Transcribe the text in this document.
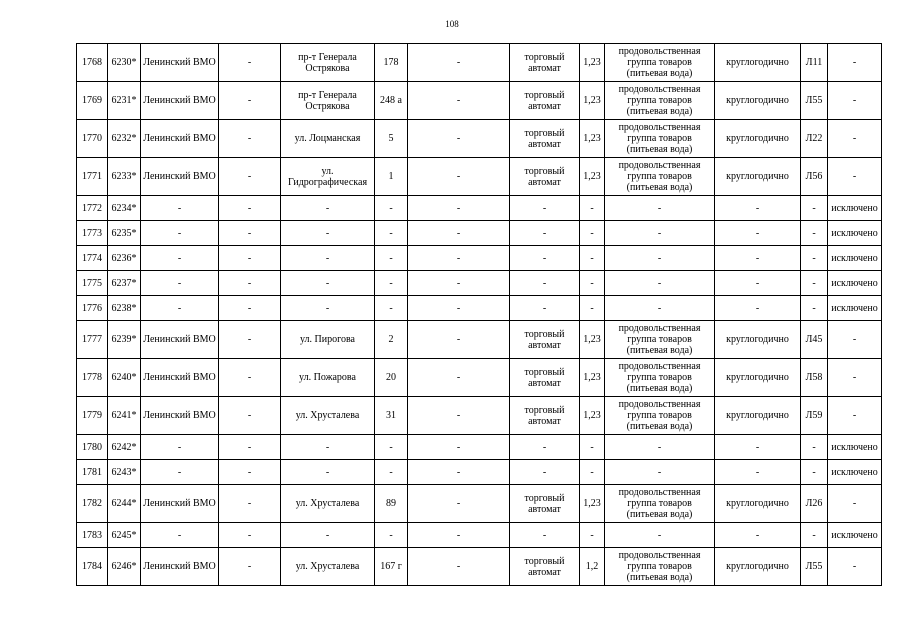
108
1768	6230*	Ленинский ВМО	-	пр-т Генерала Острякова	178	-	торговый автомат	1,23	продовольственная группа товаров (питьевая вода)	круглогодично	Л11	-
1769	6231*	Ленинский ВМО	-	пр-т Генерала Острякова	248 а	-	торговый автомат	1,23	продовольственная группа товаров (питьевая вода)	круглогодично	Л55	-
1770	6232*	Ленинский ВМО	-	ул. Лоцманская	5	-	торговый автомат	1,23	продовольственная группа товаров (питьевая вода)	круглогодично	Л22	-
1771	6233*	Ленинский ВМО	-	ул. Гидрографическая	1	-	торговый автомат	1,23	продовольственная группа товаров (питьевая вода)	круглогодично	Л56	-
1772	6234*	-	-	-	-	-	-	-	-	-	-	исключено
1773	6235*	-	-	-	-	-	-	-	-	-	-	исключено
1774	6236*	-	-	-	-	-	-	-	-	-	-	исключено
1775	6237*	-	-	-	-	-	-	-	-	-	-	исключено
1776	6238*	-	-	-	-	-	-	-	-	-	-	исключено
1777	6239*	Ленинский ВМО	-	ул. Пирогова	2	-	торговый автомат	1,23	продовольственная группа товаров (питьевая вода)	круглогодично	Л45	-
1778	6240*	Ленинский ВМО	-	ул. Пожарова	20	-	торговый автомат	1,23	продовольственная группа товаров (питьевая вода)	круглогодично	Л58	-
1779	6241*	Ленинский ВМО	-	ул. Хрусталева	31	-	торговый автомат	1,23	продовольственная группа товаров (питьевая вода)	круглогодично	Л59	-
1780	6242*	-	-	-	-	-	-	-	-	-	-	исключено
1781	6243*	-	-	-	-	-	-	-	-	-	-	исключено
1782	6244*	Ленинский ВМО	-	ул. Хрусталева	89	-	торговый автомат	1,23	продовольственная группа товаров (питьевая вода)	круглогодично	Л26	-
1783	6245*	-	-	-	-	-	-	-	-	-	-	исключено
1784	6246*	Ленинский ВМО	-	ул. Хрусталева	167 г	-	торговый автомат	1,2	продовольственная группа товаров (питьевая вода)	круглогодично	Л55	-
